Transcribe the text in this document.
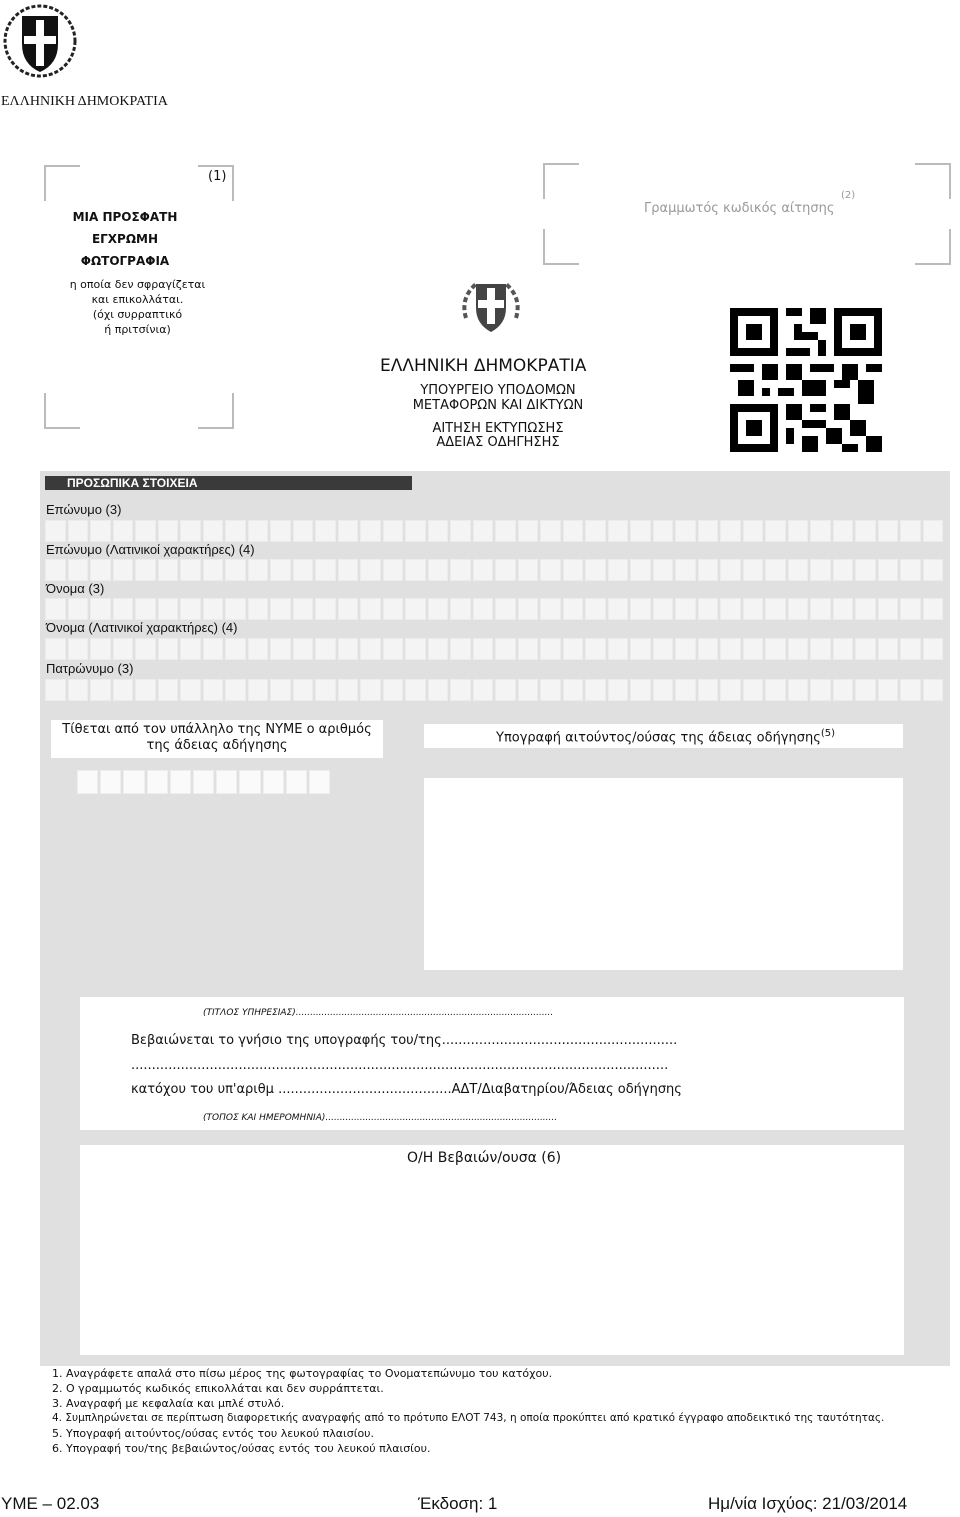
ΕΛΛΗΝΙΚΗ ΔΗΜΟΚΡΑΤΙΑ
(1)
ΜΙΑ ΠΡΟΣΦΑΤΗ
ΕΓΧΡΩΜΗ
ΦΩΤΟΓΡΑΦΙΑ
η οποία δεν σφραγίζεται
και επικολλάται.
(όχι συρραπτικό
ή πριτσίνια)
Γραμμωτός κωδικός αίτησης
(2)
ΕΛΛΗΝΙΚΗ ΔΗΜΟΚΡΑΤΙΑ
ΥΠΟΥΡΓΕΙΟ ΥΠΟΔΟΜΩΝ
ΜΕΤΑΦΟΡΩΝ ΚΑΙ ΔΙΚΤΥΩΝ
ΑΙΤΗΣΗ ΕΚΤΥΠΩΣΗΣ
ΑΔΕΙΑΣ ΟΔΗΓΗΣΗΣ
ΠΡΟΣΩΠΙΚΑ ΣΤΟΙΧΕΙΑ
Επώνυμο (3)
Επώνυμο (Λατινικοί χαρακτήρες) (4)
Όνομα (3)
Όνομα (Λατινικοί χαρακτήρες) (4)
Πατρώνυμο (3)
Τίθεται από τον υπάλληλο της ΝΥΜΕ ο αριθμός
της άδειας αδήγησης
Υπογραφή αιτούντος/ούσας της άδειας οδήγησης$^{(5)}$
(ΤΙΤΛΟΣ ΥΠΗΡΕΣΙΑΣ)..........................................................................................
Βεβαιώνεται το γνήσιο της υπογραφής του/της.........................................................
..................................................................................................................................
κατόχου του υπ'αριθμ ..........................................ΑΔΤ/Διαβατηρίου/Άδειας οδήγησης
(ΤΟΠΟΣ ΚΑΙ ΗΜΕΡΟΜΗΝΙΑ).................................................................................
Ο/Η Βεβαιών/ουσα (6)
1. Αναγράφετε απαλά στο πίσω μέρος της φωτογραφίας το Ονοματεπώνυμο του κατόχου.
2. Ο γραμμωτός κωδικός επικολλάται και δεν συρράπτεται.
3. Αναγραφή με κεφαλαία και μπλέ στυλό.
4. Συμπληρώνεται σε περίπτωση διαφορετικής αναγραφής από το πρότυπο ΕΛΟΤ 743, η οποία προκύπτει από κρατικό έγγραφο αποδεικτικό της ταυτότητας.
5. Υπογραφή αιτούντος/ούσας εντός του λευκού πλαισίου.
6. Υπογραφή του/της βεβαιώντος/ούσας εντός του λευκού πλαισίου.
ΥΜΕ – 02.03	Έκδοση: 1	Ημ/νία Ισχύος: 21/03/2014
